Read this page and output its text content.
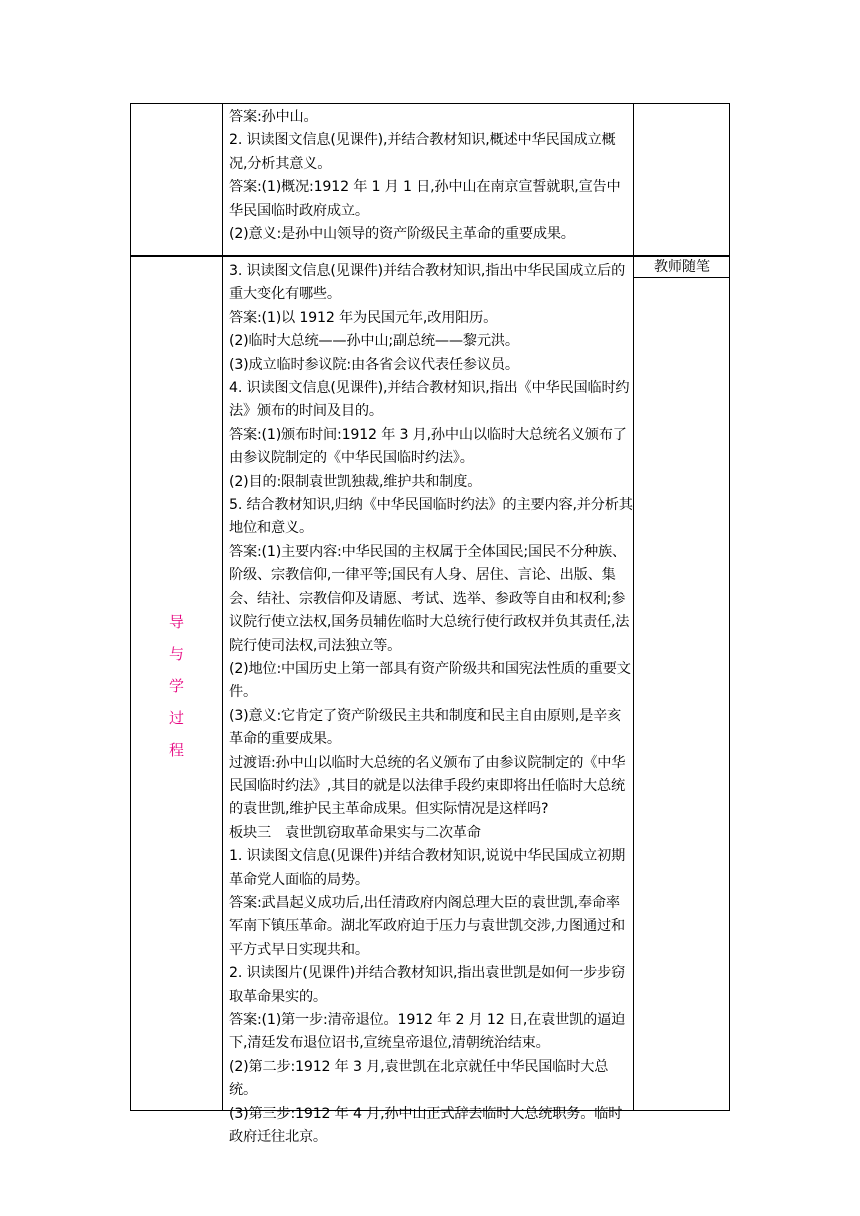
答案:孙中山。

2. 识读图文信息(见课件),并结合教材知识,概述中华民国成立概况,分析其意义。

答案:(1)概况:1912 年 1 月 1 日,孙中山在南京宣誓就职,宣告中华民国临时政府成立。

(2)意义:是孙中山领导的资产阶级民主革命的重要成果。

导
与
学
过
程
教师随笔

3. 识读图文信息(见课件)并结合教材知识,指出中华民国成立后的重大变化有哪些。

答案:(1)以 1912 年为民国元年,改用阳历。

(2)临时大总统——孙中山;副总统——黎元洪。

(3)成立临时参议院:由各省会议代表任参议员。

4. 识读图文信息(见课件),并结合教材知识,指出《中华民国临时约法》颁布的时间及目的。

答案:(1)颁布时间:1912 年 3 月,孙中山以临时大总统名义颁布了由参议院制定的《中华民国临时约法》。

(2)目的:限制袁世凯独裁,维护共和制度。

5. 结合教材知识,归纳《中华民国临时约法》的主要内容,并分析其地位和意义。

答案:(1)主要内容:中华民国的主权属于全体国民;国民不分种族、阶级、宗教信仰,一律平等;国民有人身、居住、言论、出版、集会、结社、宗教信仰及请愿、考试、选举、参政等自由和权利;参议院行使立法权,国务员辅佐临时大总统行使行政权并负其责任,法院行使司法权,司法独立等。

(2)地位:中国历史上第一部具有资产阶级共和国宪法性质的重要文件。

(3)意义:它肯定了资产阶级民主共和制度和民主自由原则,是辛亥革命的重要成果。

过渡语:孙中山以临时大总统的名义颁布了由参议院制定的《中华民国临时约法》,其目的就是以法律手段约束即将出任临时大总统的袁世凯,维护民主革命成果。但实际情况是这样吗?

板块三　袁世凯窃取革命果实与二次革命

1. 识读图文信息(见课件)并结合教材知识,说说中华民国成立初期革命党人面临的局势。

答案:武昌起义成功后,出任清政府内阁总理大臣的袁世凯,奉命率军南下镇压革命。湖北军政府迫于压力与袁世凯交涉,力图通过和平方式早日实现共和。

2. 识读图片(见课件)并结合教材知识,指出袁世凯是如何一步步窃取革命果实的。

答案:(1)第一步:清帝退位。1912 年 2 月 12 日,在袁世凯的逼迫下,清廷发布退位诏书,宣统皇帝退位,清朝统治结束。

(2)第二步:1912 年 3 月,袁世凯在北京就任中华民国临时大总统。

(3)第三步:1912 年 4 月,孙中山正式辞去临时大总统职务。临时政府迁往北京。
